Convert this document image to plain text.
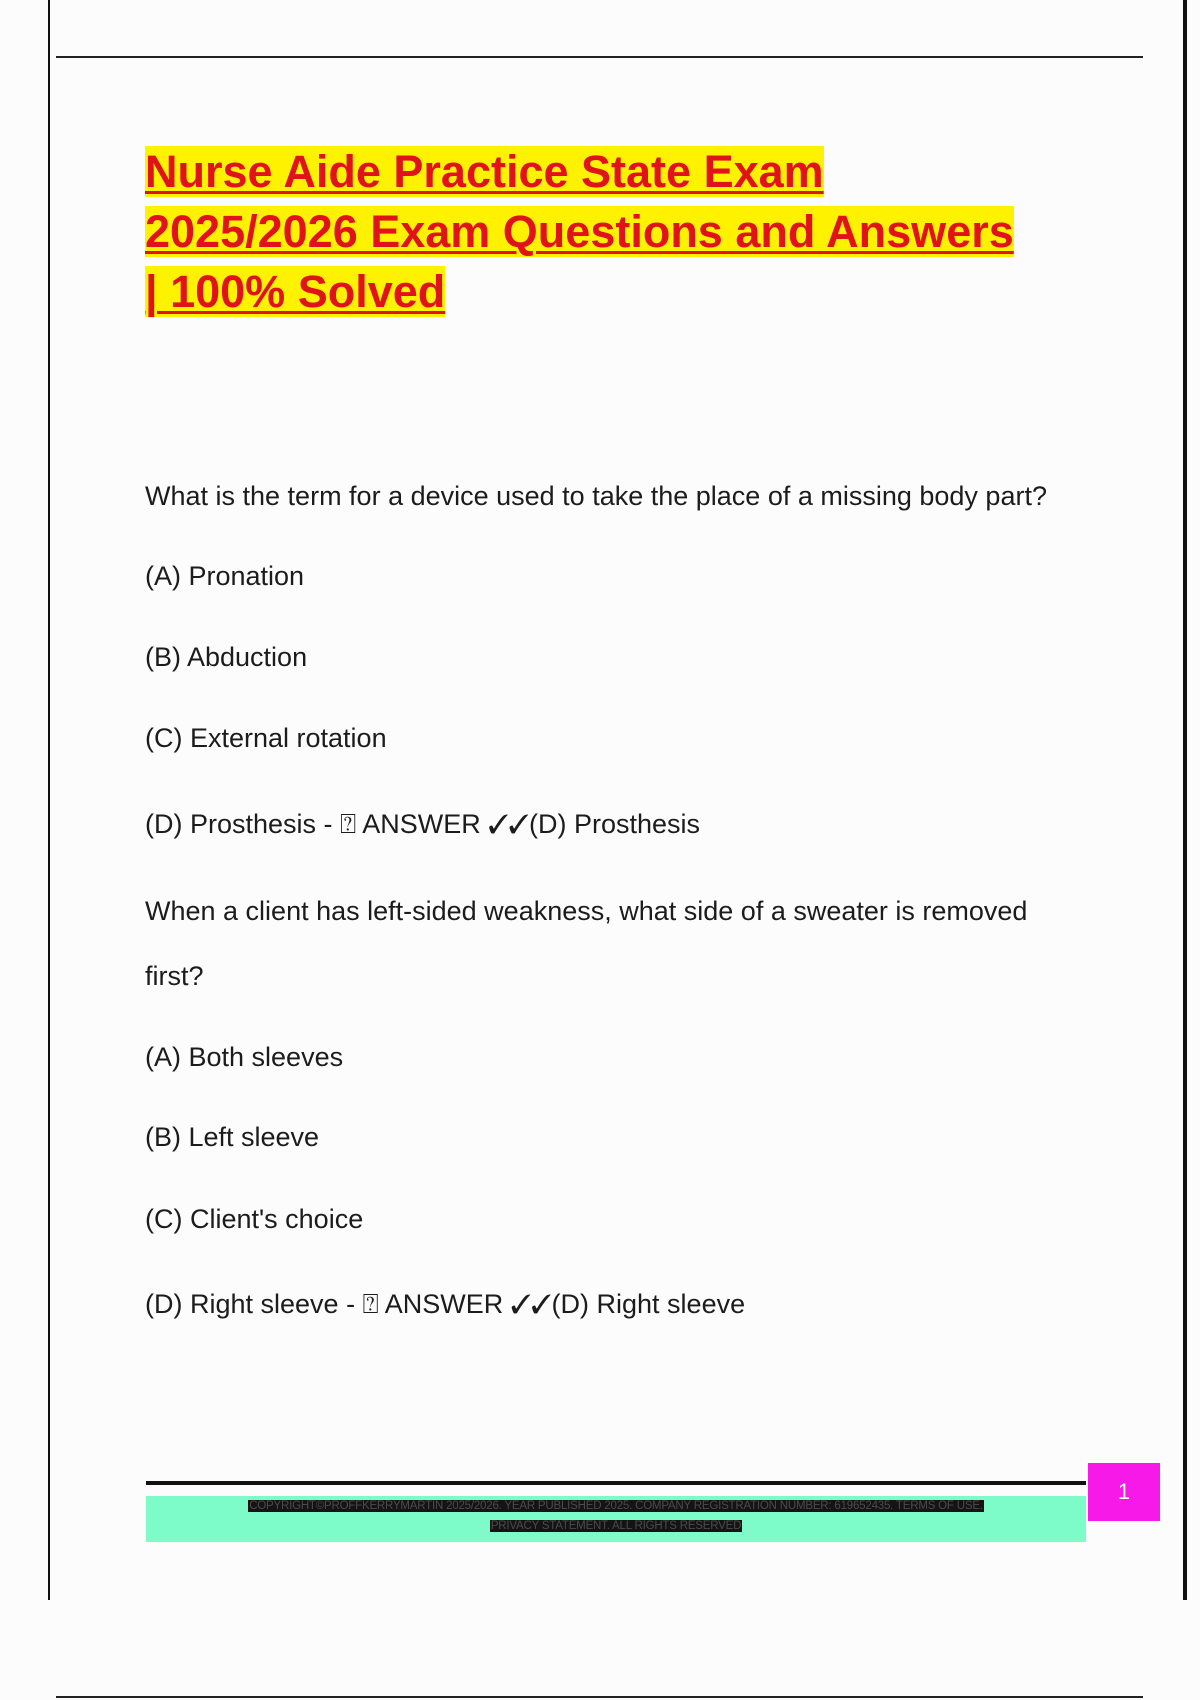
Nurse Aide Practice State Exam
2025/2026 Exam Questions and Answers
| 100% Solved
What is the term for a device used to take the place of a missing body part?
(A) Pronation
(B) Abduction
(C) External rotation
(D) Prosthesis - ⍰ ANSWER ✓✓(D) Prosthesis
When a client has left-sided weakness, what side of a sweater is removed
first?
(A) Both sleeves
(B) Left sleeve
(C) Client's choice
(D) Right sleeve - ⍰ ANSWER ✓✓(D) Right sleeve
COPYRIGHT©PROFFKERRYMARTIN 2025/2026. YEAR PUBLISHED 2025. COMPANY REGISTRATION NUMBER: 619652435. TERMS OF USE.
PRIVACY STATEMENT. ALL RIGHTS RESERVED
1
